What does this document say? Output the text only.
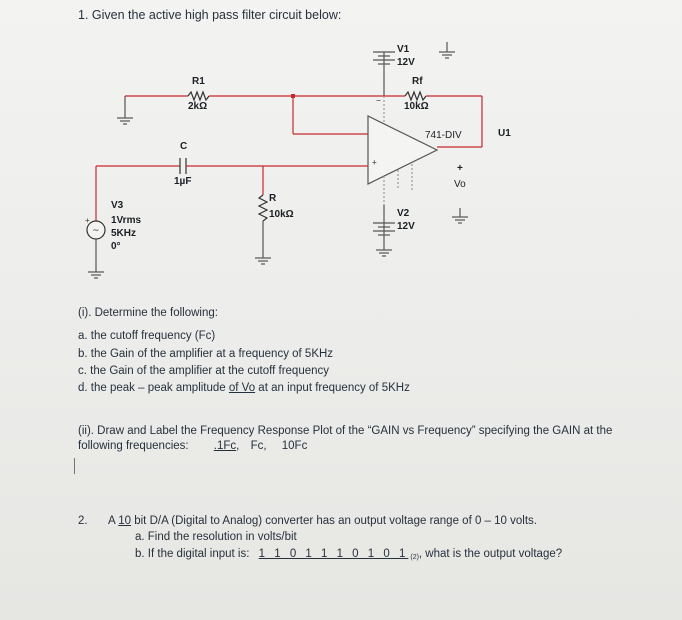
1. Given the active high pass filter circuit below:
~
+
V1
12V
Rf
10kΩ
R1
2kΩ
741-DIV	U1
C
1µF
+
Vo
R
10kΩ	V2
12V
V3
1Vrms
5KHz
0°
−
+
(i). Determine the following:
a. the cutoff frequency (Fc)
b. the Gain of the amplifier at a frequency of 5KHz
c. the Gain of the amplifier at the cutoff frequency
d. the peak – peak amplitude of Vo at an input frequency of 5KHz
(ii). Draw and Label the Frequency Response Plot of the “GAIN vs Frequency” specifying the GAIN at the
following frequencies: .1Fc, Fc, 10Fc
2. A 10 bit D/A (Digital to Analog) converter has an output voltage range of 0 – 10 volts.
a. Find the resolution in volts/bit
b. If the digital input is: 1 1 0 1 1 1 0 1 0 1 (2), what is the output voltage?
